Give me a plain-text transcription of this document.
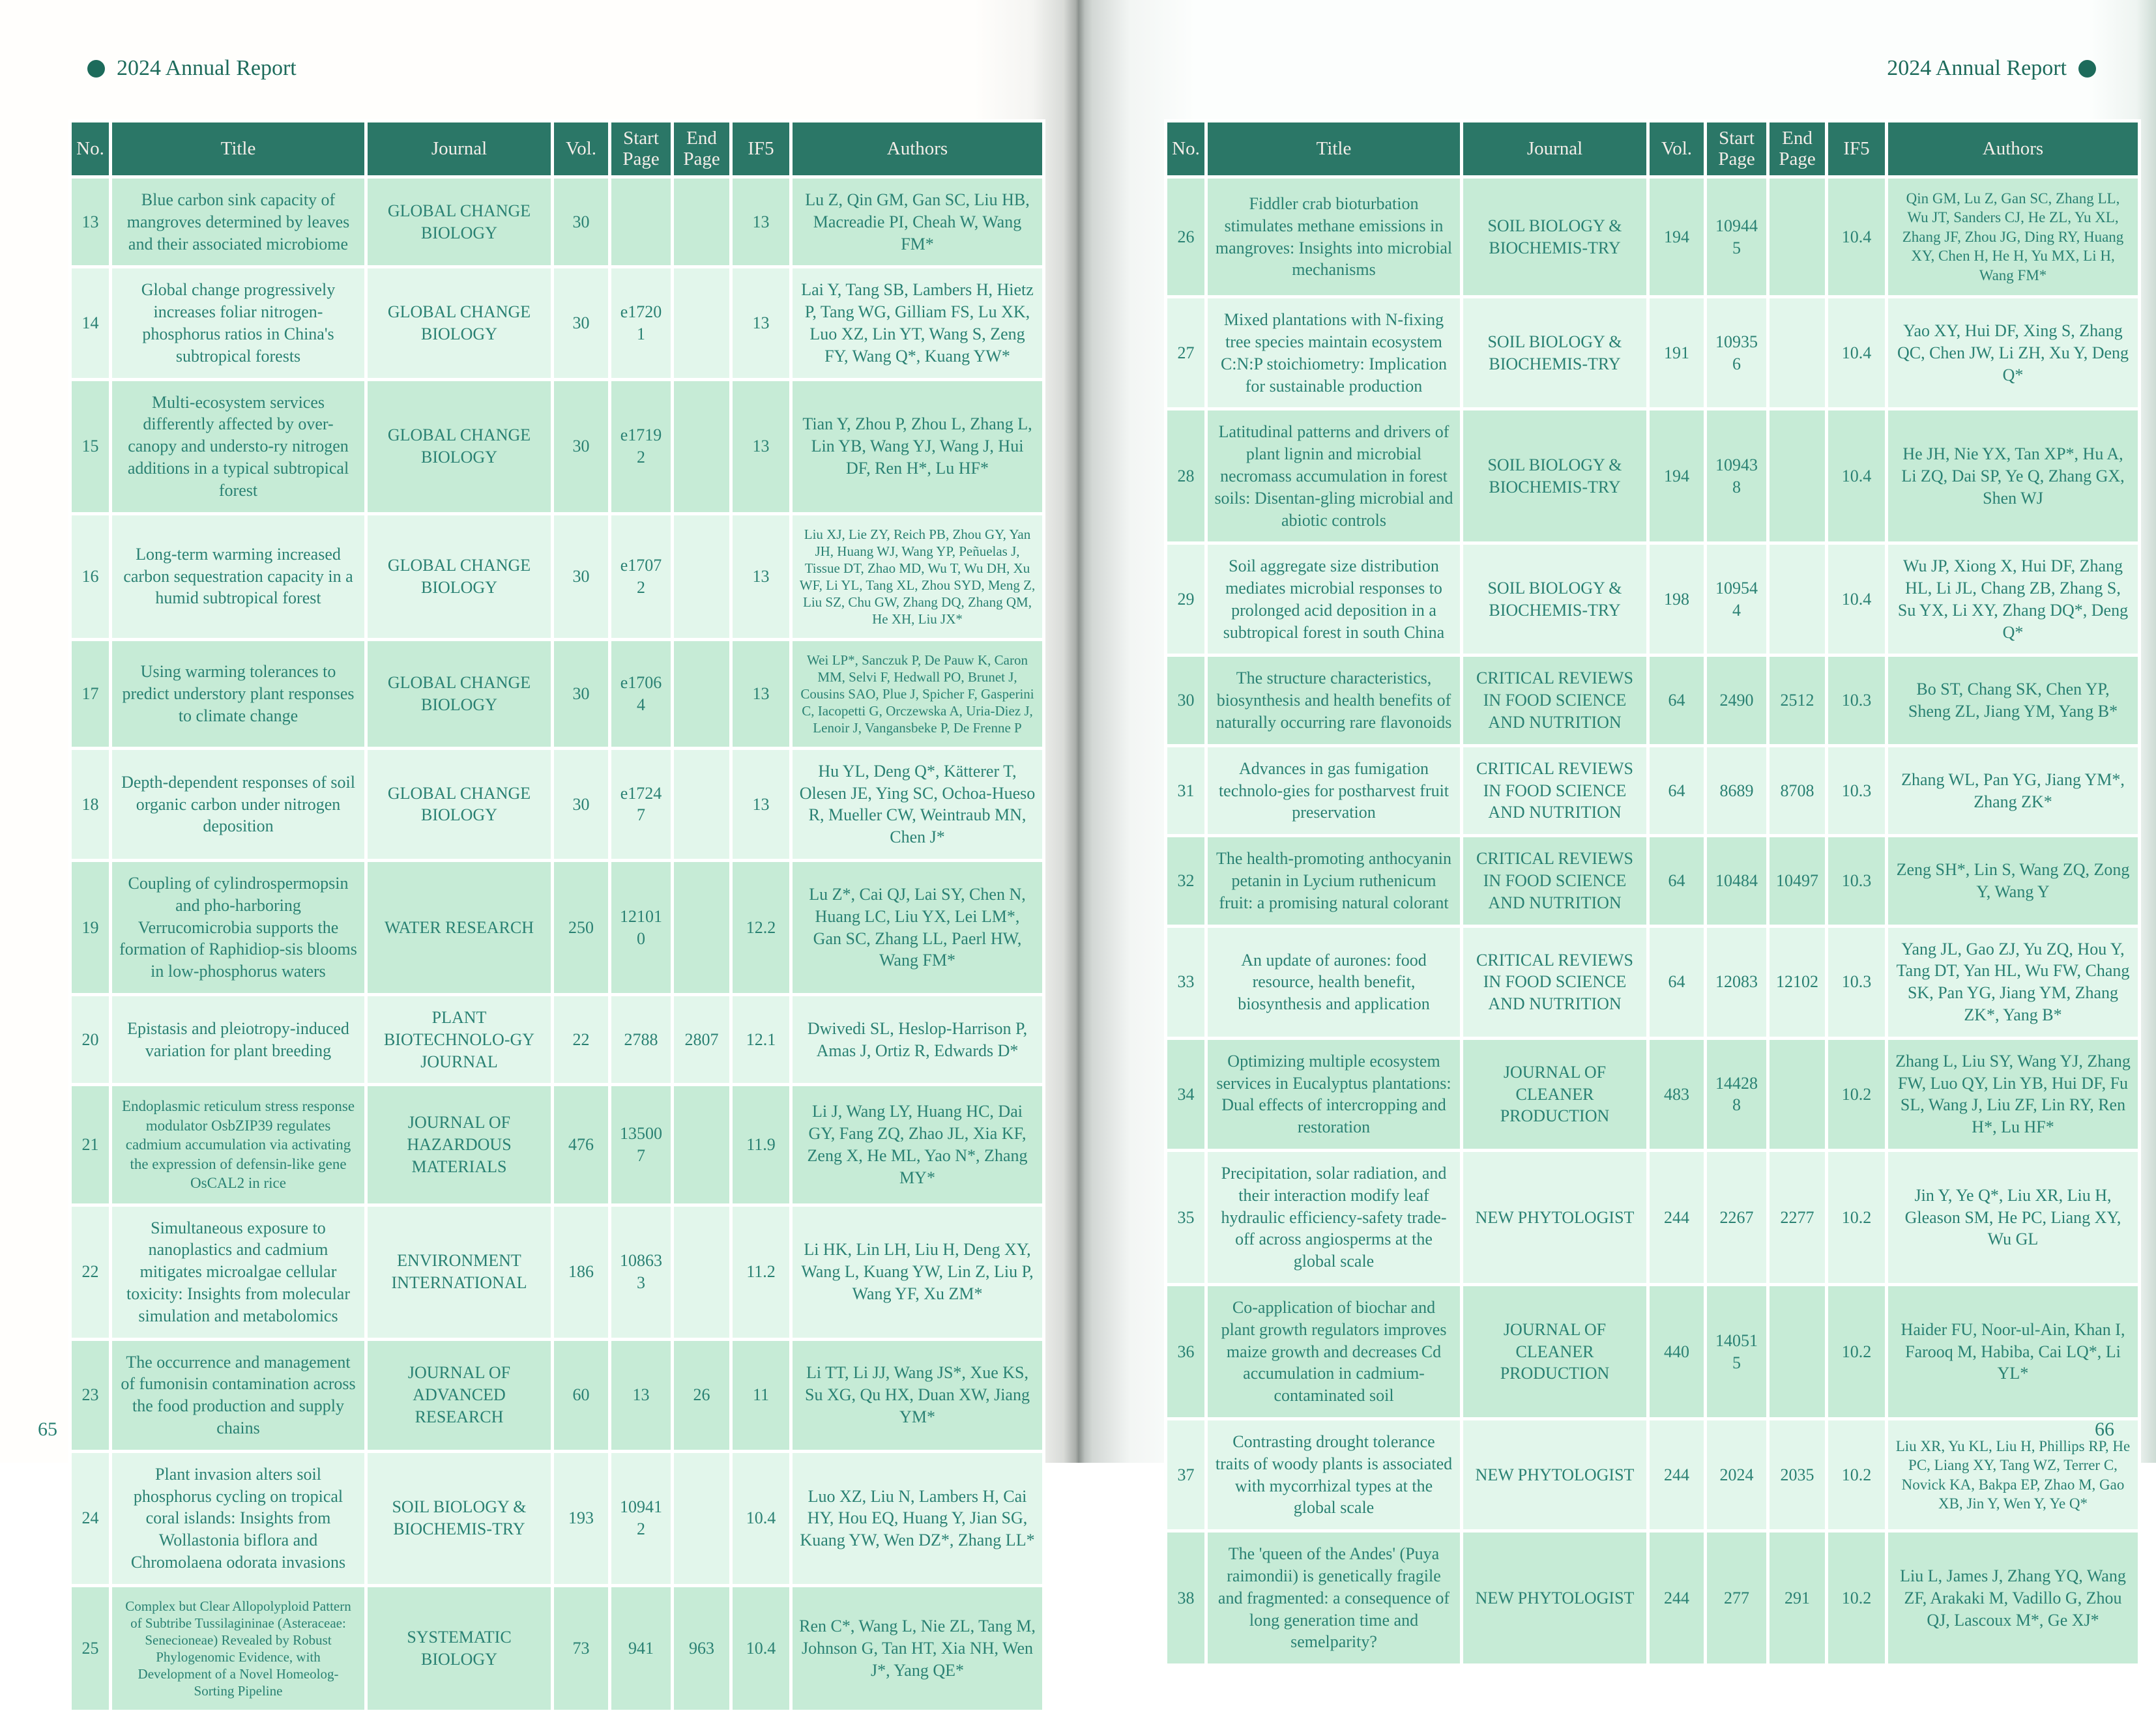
2024 Annual Report
No.	Title	Journal	Vol.	Start Page	End Page	IF5	Authors
13	Blue carbon sink capacity of mangroves determined by leaves and their associated microbiome	GLOBAL CHANGE BIOLOGY	30			13	Lu Z, Qin GM, Gan SC, Liu HB, Macreadie PI, Cheah W, Wang FM*
14	Global change progressively increases foliar nitrogen-phosphorus ratios in China's subtropical forests	GLOBAL CHANGE BIOLOGY	30	e17201		13	Lai Y, Tang SB, Lambers H, Hietz P, Tang WG, Gilliam FS, Lu XK, Luo XZ, Lin YT, Wang S, Zeng FY, Wang Q*, Kuang YW*
15	Multi-ecosystem services differently affected by over-canopy and understo-ry nitrogen additions in a typical subtropical forest	GLOBAL CHANGE BIOLOGY	30	e17192		13	Tian Y, Zhou P, Zhou L, Zhang L, Lin YB, Wang YJ, Wang J, Hui DF, Ren H*, Lu HF*
16	Long-term warming increased carbon sequestration capacity in a humid subtropical forest	GLOBAL CHANGE BIOLOGY	30	e17072		13	Liu XJ, Lie ZY, Reich PB, Zhou GY, Yan JH, Huang WJ, Wang YP, Peñuelas J, Tissue DT, Zhao MD, Wu T, Wu DH, Xu WF, Li YL, Tang XL, Zhou SYD, Meng Z, Liu SZ, Chu GW, Zhang DQ, Zhang QM, He XH, Liu JX*
17	Using warming tolerances to predict understory plant responses to climate change	GLOBAL CHANGE BIOLOGY	30	e17064		13	Wei LP*, Sanczuk P, De Pauw K, Caron MM, Selvi F, Hedwall PO, Brunet J, Cousins SAO, Plue J, Spicher F, Gasperini C, Iacopetti G, Orczewska A, Uria-Diez J, Lenoir J, Vangansbeke P, De Frenne P
18	Depth-dependent responses of soil organic carbon under nitrogen deposition	GLOBAL CHANGE BIOLOGY	30	e17247		13	Hu YL, Deng Q*, Kätterer T, Olesen JE, Ying SC, Ochoa-Hueso R, Mueller CW, Weintraub MN, Chen J*
19	Coupling of cylindrospermopsin and pho-harboring Verrucomicrobia supports the formation of Raphidiop-sis blooms in low-phosphorus waters	WATER RESEARCH	250	121010		12.2	Lu Z*, Cai QJ, Lai SY, Chen N, Huang LC, Liu YX, Lei LM*, Gan SC, Zhang LL, Paerl HW, Wang FM*
20	Epistasis and pleiotropy-induced variation for plant breeding	PLANT BIOTECHNOLO-GY JOURNAL	22	2788	2807	12.1	Dwivedi SL, Heslop-Harrison P, Amas J, Ortiz R, Edwards D*
21	Endoplasmic reticulum stress response modulator OsbZIP39 regulates cadmium accumulation via activating the expression of defensin-like gene OsCAL2 in rice	JOURNAL OF HAZARDOUS MATERIALS	476	135007		11.9	Li J, Wang LY, Huang HC, Dai GY, Fang ZQ, Zhao JL, Xia KF, Zeng X, He ML, Yao N*, Zhang MY*
22	Simultaneous exposure to nanoplastics and cadmium mitigates microalgae cellular toxicity: Insights from molecular simulation and metabolomics	ENVIRONMENT INTERNATIONAL	186	108633		11.2	Li HK, Lin LH, Liu H, Deng XY, Wang L, Kuang YW, Lin Z, Liu P, Wang YF, Xu ZM*
23	The occurrence and management of fumonisin contamination across the food production and supply chains	JOURNAL OF ADVANCED RESEARCH	60	13	26	11	Li TT, Li JJ, Wang JS*, Xue KS, Su XG, Qu HX, Duan XW, Jiang YM*
24	Plant invasion alters soil phosphorus cycling on tropical coral islands: Insights from Wollastonia biflora and Chromolaena odorata invasions	SOIL BIOLOGY & BIOCHEMIS-TRY	193	109412		10.4	Luo XZ, Liu N, Lambers H, Cai HY, Hou EQ, Huang Y, Jian SG, Kuang YW, Wen DZ*, Zhang LL*
25	Complex but Clear Allopolyploid Pattern of Subtribe Tussilagininae (Asteraceae: Senecioneae) Revealed by Robust Phylogenomic Evidence, with Development of a Novel Homeolog-Sorting Pipeline	SYSTEMATIC BIOLOGY	73	941	963	10.4	Ren C*, Wang L, Nie ZL, Tang M, Johnson G, Tan HT, Xia NH, Wen J*, Yang QE*
65
2024 Annual Report
No.	Title	Journal	Vol.	Start Page	End Page	IF5	Authors
26	Fiddler crab bioturbation stimulates methane emissions in mangroves: Insights into microbial mechanisms	SOIL BIOLOGY & BIOCHEMIS-TRY	194	109445		10.4	Qin GM, Lu Z, Gan SC, Zhang LL, Wu JT, Sanders CJ, He ZL, Yu XL, Zhang JF, Zhou JG, Ding RY, Huang XY, Chen H, He H, Yu MX, Li H, Wang FM*
27	Mixed plantations with N-fixing tree species maintain ecosystem C:N:P stoichiometry: Implication for sustainable production	SOIL BIOLOGY & BIOCHEMIS-TRY	191	109356		10.4	Yao XY, Hui DF, Xing S, Zhang QC, Chen JW, Li ZH, Xu Y, Deng Q*
28	Latitudinal patterns and drivers of plant lignin and microbial necromass accumulation in forest soils: Disentan-gling microbial and abiotic controls	SOIL BIOLOGY & BIOCHEMIS-TRY	194	109438		10.4	He JH, Nie YX, Tan XP*, Hu A, Li ZQ, Dai SP, Ye Q, Zhang GX, Shen WJ
29	Soil aggregate size distribution mediates microbial responses to prolonged acid deposition in a subtropical forest in south China	SOIL BIOLOGY & BIOCHEMIS-TRY	198	109544		10.4	Wu JP, Xiong X, Hui DF, Zhang HL, Li JL, Chang ZB, Zhang S, Su YX, Li XY, Zhang DQ*, Deng Q*
30	The structure characteristics, biosynthesis and health benefits of naturally occurring rare flavonoids	CRITICAL REVIEWS IN FOOD SCIENCE AND NUTRITION	64	2490	2512	10.3	Bo ST, Chang SK, Chen YP, Sheng ZL, Jiang YM, Yang B*
31	Advances in gas fumigation technolo-gies for postharvest fruit preservation	CRITICAL REVIEWS IN FOOD SCIENCE AND NUTRITION	64	8689	8708	10.3	Zhang WL, Pan YG, Jiang YM*, Zhang ZK*
32	The health-promoting anthocyanin petanin in Lycium ruthenicum fruit: a promising natural colorant	CRITICAL REVIEWS IN FOOD SCIENCE AND NUTRITION	64	10484	10497	10.3	Zeng SH*, Lin S, Wang ZQ, Zong Y, Wang Y
33	An update of aurones: food resource, health benefit, biosynthesis and application	CRITICAL REVIEWS IN FOOD SCIENCE AND NUTRITION	64	12083	12102	10.3	Yang JL, Gao ZJ, Yu ZQ, Hou Y, Tang DT, Yan HL, Wu FW, Chang SK, Pan YG, Jiang YM, Zhang ZK*, Yang B*
34	Optimizing multiple ecosystem services in Eucalyptus plantations: Dual effects of intercropping and restoration	JOURNAL OF CLEANER PRODUCTION	483	144288		10.2	Zhang L, Liu SY, Wang YJ, Zhang FW, Luo QY, Lin YB, Hui DF, Fu SL, Wang J, Liu ZF, Lin RY, Ren H*, Lu HF*
35	Precipitation, solar radiation, and their interaction modify leaf hydraulic efficiency-safety trade-off across angiosperms at the global scale	NEW PHYTOLOGIST	244	2267	2277	10.2	Jin Y, Ye Q*, Liu XR, Liu H, Gleason SM, He PC, Liang XY, Wu GL
36	Co-application of biochar and plant growth regulators improves maize growth and decreases Cd accumulation in cadmium-contaminated soil	JOURNAL OF CLEANER PRODUCTION	440	140515		10.2	Haider FU, Noor-ul-Ain, Khan I, Farooq M, Habiba, Cai LQ*, Li YL*
37	Contrasting drought tolerance traits of woody plants is associated with mycorrhizal types at the global scale	NEW PHYTOLOGIST	244	2024	2035	10.2	Liu XR, Yu KL, Liu H, Phillips RP, He PC, Liang XY, Tang WZ, Terrer C, Novick KA, Bakpa EP, Zhao M, Gao XB, Jin Y, Wen Y, Ye Q*
38	The 'queen of the Andes' (Puya raimondii) is genetically fragile and fragmented: a consequence of long generation time and semelparity?	NEW PHYTOLOGIST	244	277	291	10.2	Liu L, James J, Zhang YQ, Wang ZF, Arakaki M, Vadillo G, Zhou QJ, Lascoux M*, Ge XJ*
66
